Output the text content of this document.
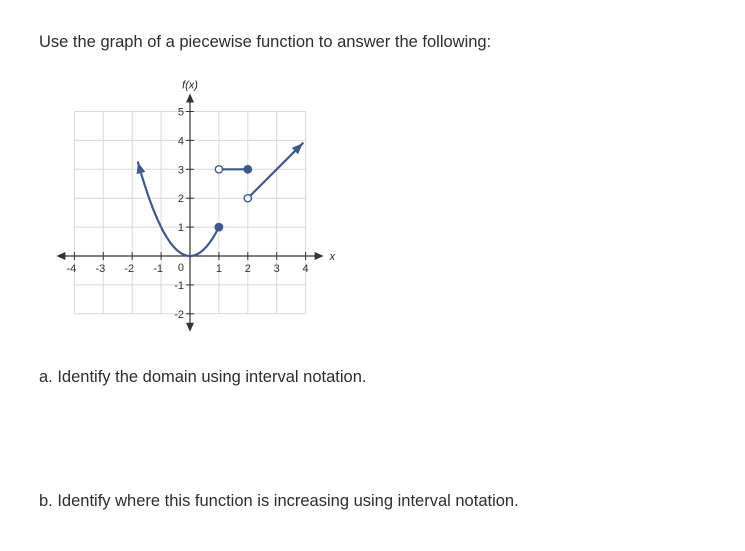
Use the graph of a piecewise function to answer the following:

-4 -3 -2 -1	1 2 3 4
-2
-1
1
2
3
4
5
0
f(x)
x

a. Identify the domain using interval notation.

b. Identify where this function is increasing using interval notation.
